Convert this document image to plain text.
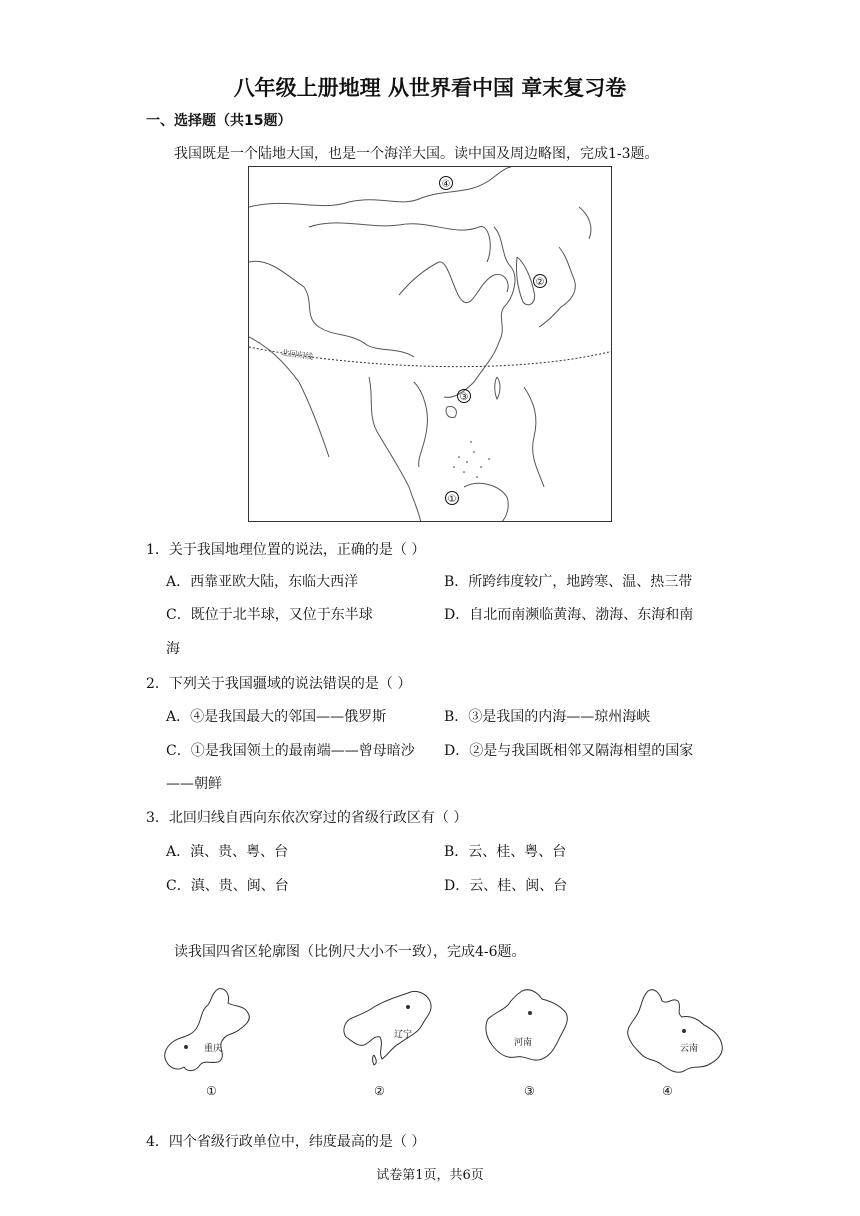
八年级上册地理 从世界看中国 章末复习卷
一、选择题（共15题）
我国既是一个陆地大国，也是一个海洋大国。读中国及周边略图，完成1-3题。
北回归线
④
②
③
①
1．关于我国地理位置的说法，正确的是（ ）
A．西靠亚欧大陆，东临大西洋	B．所跨纬度较广，地跨寒、温、热三带
C．既位于北半球，又位于东半球	D．自北而南濒临黄海、渤海、东海和南
海
2．下列关于我国疆域的说法错误的是（ ）
A．④是我国最大的邻国——俄罗斯	B．③是我国的内海——琼州海峡
C．①是我国领土的最南端——曾母暗沙 D．②是与我国既相邻又隔海相望的国家
——朝鲜
3．北回归线自西向东依次穿过的省级行政区有（ ）
A．滇、贵、粤、台	B．云、桂、粤、台
C．滇、贵、闽、台	D．云、桂、闽、台
读我国四省区轮廓图（比例尺大小不一致），完成4-6题。
重庆
辽宁
河南
云南
①	②	③	④
4．四个省级行政单位中，纬度最高的是（ ）
试卷第1页，共6页
